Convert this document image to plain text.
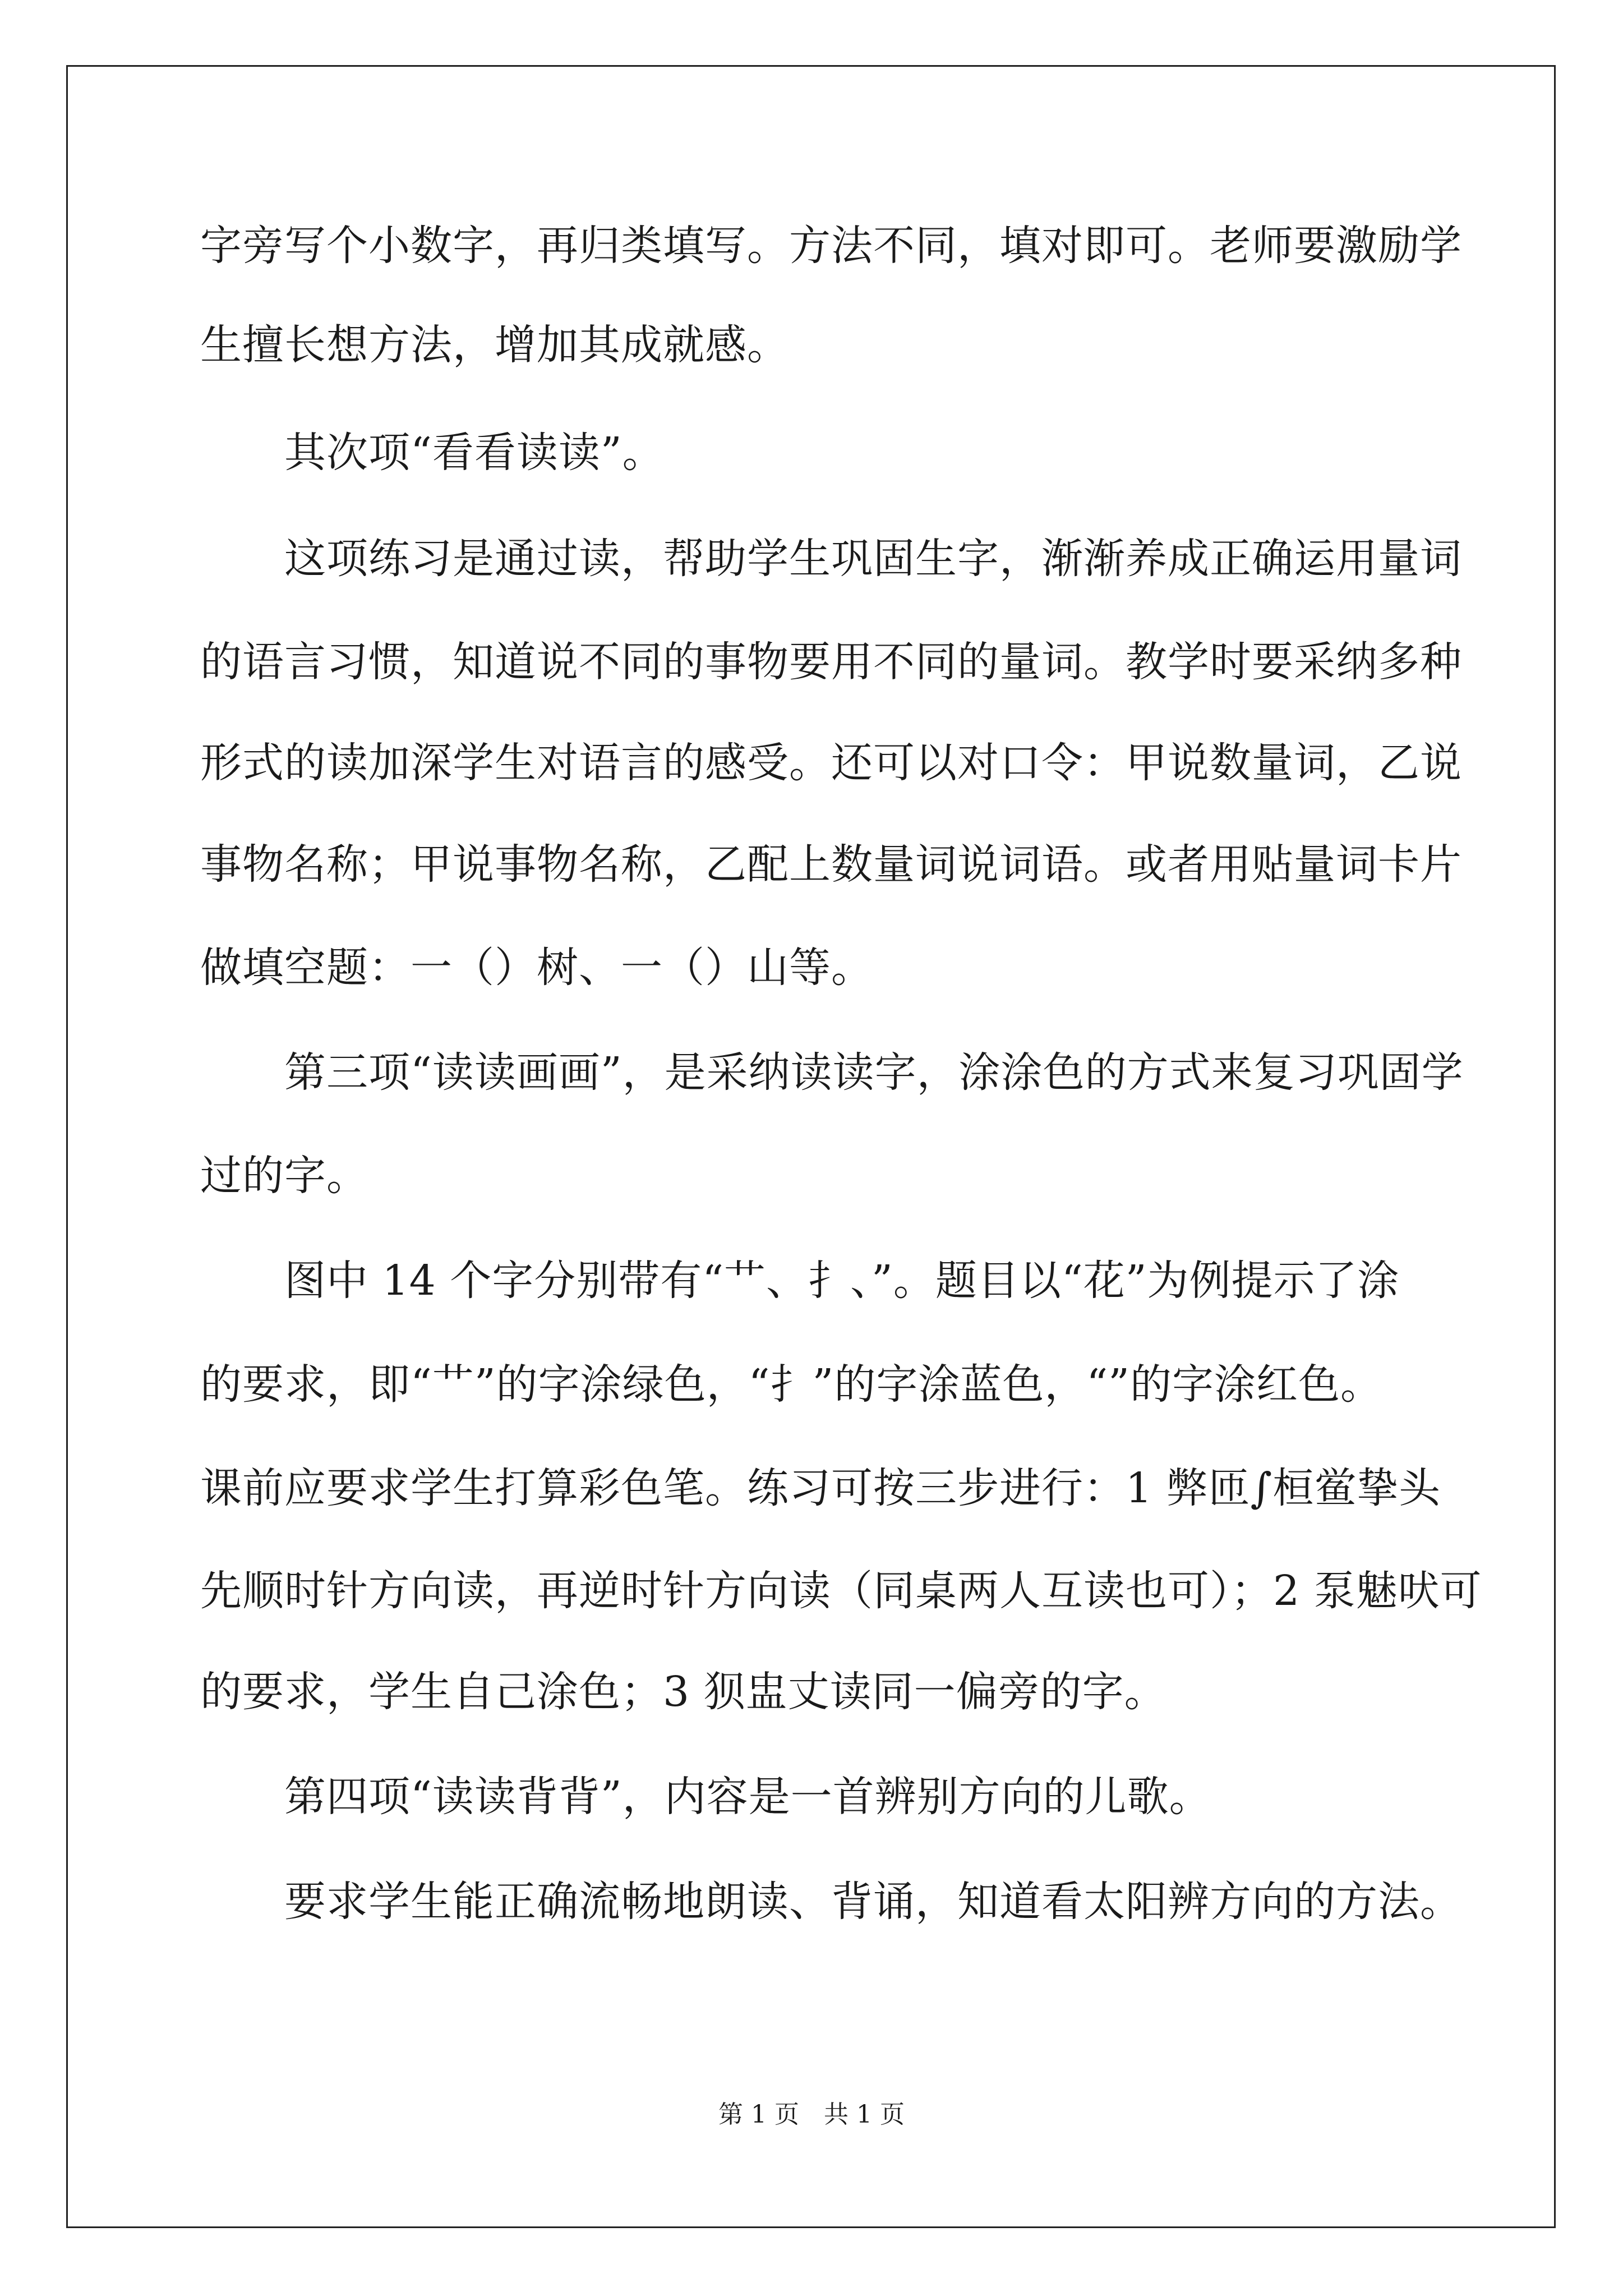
字旁写个小数字，再归类填写。方法不同，填对即可。老师要激励学
生擅长想方法，增加其成就感。
　　其次项“看看读读”。
　　这项练习是通过读，帮助学生巩固生字，渐渐养成正确运用量词
的语言习惯，知道说不同的事物要用不同的量词。教学时要采纳多种
形式的读加深学生对语言的感受。还可以对口令：甲说数量词，乙说
事物名称；甲说事物名称，乙配上数量词说词语。或者用贴量词卡片
做填空题：一（）树、一（）山等。
　　第三项“读读画画”，是采纳读读字，涂涂色的方式来复习巩固学
过的字。
　　图中 14 个字分别带有“艹、扌、”。题目以“花”为例提示了涂
的要求，即“艹”的字涂绿色，“扌”的字涂蓝色，“”的字涂红色。
课前应要求学生打算彩色笔。练习可按三步进行：1 弊匝∫桓鲎挚头
先顺时针方向读，再逆时针方向读（同桌两人互读也可）；2 泵魅吠可
的要求，学生自己涂色；3 狈盅丈读同一偏旁的字。
　　第四项“读读背背”，内容是一首辨别方向的儿歌。
　　要求学生能正确流畅地朗读、背诵，知道看太阳辨方向的方法。
第 1 页　共 1 页
